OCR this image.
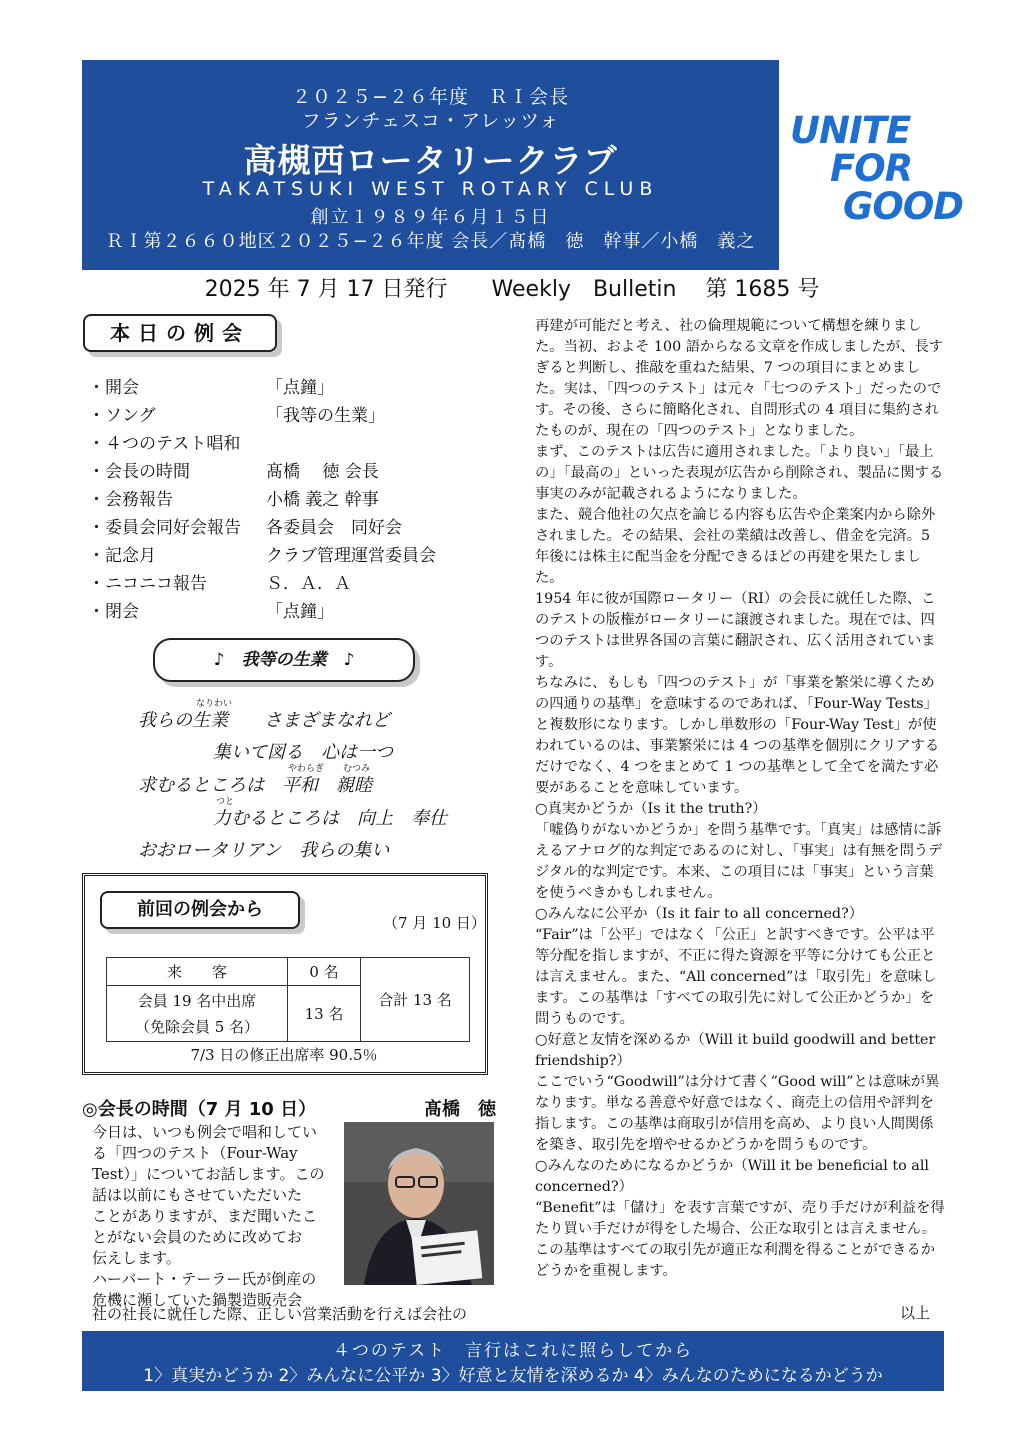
２０２５−２６年度　ＲＩ会長
フランチェスコ・アレッツォ
高槻西ロータリークラブ
TAKATSUKI WEST ROTARY CLUB
創立１９８９年６月１５日
ＲＩ第２６６０地区２０２５−２６年度 会長／髙橋　徳　幹事／小橋　義之
UNITE
FOR
GOOD
2025 年 7 月 17 日発行　　Weekly　Bulletin　 第 1685 号
本日の例会
・開会	「点鐘」
・ソング	「我等の生業」
・４つのテスト唱和
・会長の時間	髙橋　 徳 会長
・会務報告	小橋 義之 幹事
・委員会同好会報告 各委員会　同好会
・記念月	クラブ管理運営委員会
・ニコニコ報告	Ｓ．Ａ．Ａ
・閉会	「点鐘」
♪　我等の生業　♪
なりわい
我らの生業　　さまざまなれど
集いて図る　心は一つ
やわらぎ むつみ
求むるところは　平和　親睦
つと
力むるところは　向上　奉仕
おおロータリアン　我らの集い
前回の例会から
（7 月 10 日）
来　　客	0 名	合計 13 名

会員 19 名中出席
（免除会員 5 名）	13 名	
7/3 日の修正出席率 90.5％
◎会長の時間（7 月 10 日）	髙橋　徳
今日は、いつも例会で唱和してい
る「四つのテスト（Four-Way
Test）」についてお話します。この
話は以前にもさせていただいた
ことがありますが、まだ聞いたこ
とがない会員のために改めてお
伝えします。
ハーバート・テーラー氏が倒産の
危機に瀕していた鍋製造販売会
社の社長に就任した際、正しい営業活動を行えば会社の

再建が可能だと考え、社の倫理規範について構想を練りました。当初、およそ 100 語からなる文章を作成しましたが、長すぎると判断し、推敲を重ねた結果、7 つの項目にまとめました。実は、「四つのテスト」は元々「七つのテスト」だったのです。その後、さらに簡略化され、自問形式の 4 項目に集約されたものが、現在の「四つのテスト」となりました。

まず、このテストは広告に適用されました。「より良い」「最上の」「最高の」といった表現が広告から削除され、製品に関する事実のみが記載されるようになりました。

また、競合他社の欠点を論じる内容も広告や企業案内から除外されました。その結果、会社の業績は改善し、借金を完済。5 年後には株主に配当金を分配できるほどの再建を果たしました。

1954 年に彼が国際ロータリー（RI）の会長に就任した際、このテストの版権がロータリーに譲渡されました。現在では、四つのテストは世界各国の言葉に翻訳され、広く活用されています。

ちなみに、もしも「四つのテスト」が「事業を繁栄に導くための四通りの基準」を意味するのであれば、「Four-Way Tests」と複数形になります。しかし単数形の「Four-Way Test」が使われているのは、事業繁栄には 4 つの基準を個別にクリアするだけでなく、4 つをまとめて 1 つの基準として全てを満たす必要があることを意味しています。

○真実かどうか（Is it the truth?）

「嘘偽りがないかどうか」を問う基準です。「真実」は感情に訴えるアナログ的な判定であるのに対し、「事実」は有無を問うデジタル的な判定です。本来、この項目には「事実」という言葉を使うべきかもしれません。

○みんなに公平か（Is it fair to all concerned?）

“Fair”は「公平」ではなく「公正」と訳すべきです。公平は平等分配を指しますが、不正に得た資源を平等に分けても公正とは言えません。また、“All concerned”は「取引先」を意味します。この基準は「すべての取引先に対して公正かどうか」を問うものです。

○好意と友情を深めるか（Will it build goodwill and better friendship?）

ここでいう“Goodwill”は分けて書く”Good will”とは意味が異なります。単なる善意や好意ではなく、商売上の信用や評判を指します。この基準は商取引が信用を高め、より良い人間関係を築き、取引先を増やせるかどうかを問うものです。

○みんなのためになるかどうか（Will it be beneficial to all concerned?）

“Benefit”は「儲け」を表す言葉ですが、売り手だけが利益を得たり買い手だけが得をした場合、公正な取引とは言えません。この基準はすべての取引先が適正な利潤を得ることができるかどうかを重視します。

以上
４つのテスト　言行はこれに照らしてから
1〉真実かどうか 2〉みんなに公平か 3〉好意と友情を深めるか 4〉みんなのためになるかどうか
